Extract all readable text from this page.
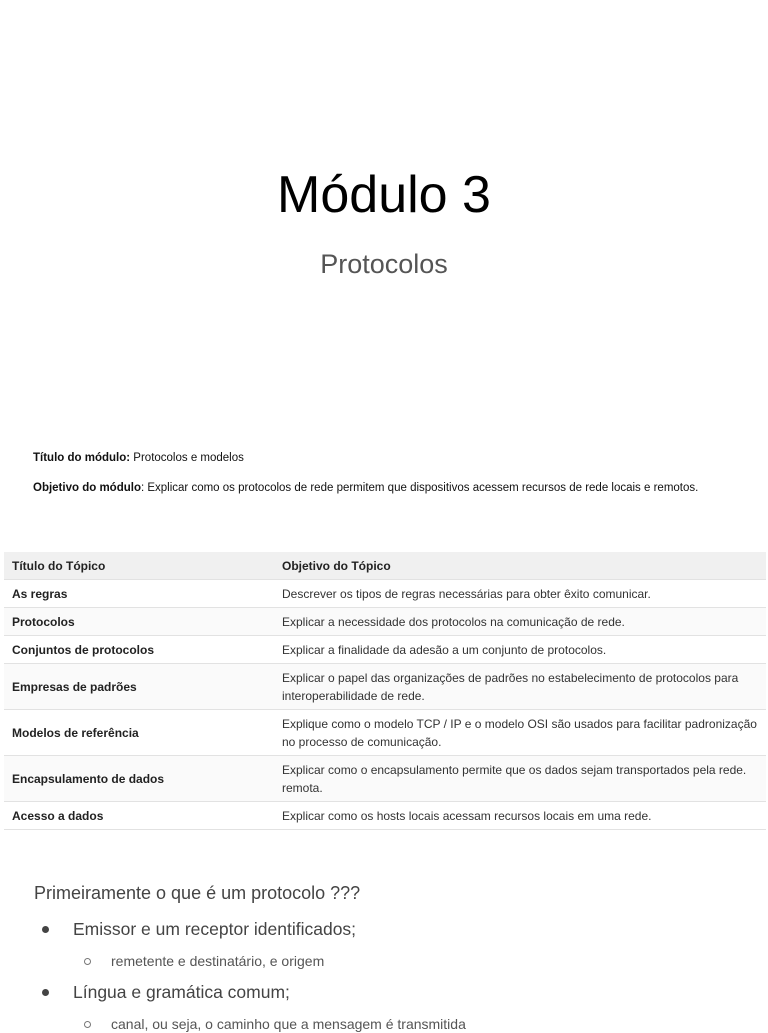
Módulo 3
Protocolos
Título do módulo: Protocolos e modelos
Objetivo do módulo: Explicar como os protocolos de rede permitem que dispositivos acessem recursos de rede locais e remotos.
Título do Tópico	Objetivo do Tópico
As regras	Descrever os tipos de regras necessárias para obter êxito comunicar.
Protocolos	Explicar a necessidade dos protocolos na comunicação de rede.
Conjuntos de protocolos	Explicar a finalidade da adesão a um conjunto de protocolos.
Empresas de padrões	Explicar o papel das organizações de padrões no estabelecimento de protocolos para interoperabilidade de rede.
Modelos de referência	Explique como o modelo TCP / IP e o modelo OSI são usados para facilitar padronização no processo de comunicação.
Encapsulamento de dados	Explicar como o encapsulamento permite que os dados sejam transportados pela rede. remota.
Acesso a dados	Explicar como os hosts locais acessam recursos locais em uma rede.
Primeiramente o que é um protocolo ???
Emissor e um receptor identificados;
remetente e destinatário, e origem
Língua e gramática comum;
canal, ou seja, o caminho que a mensagem é transmitida
